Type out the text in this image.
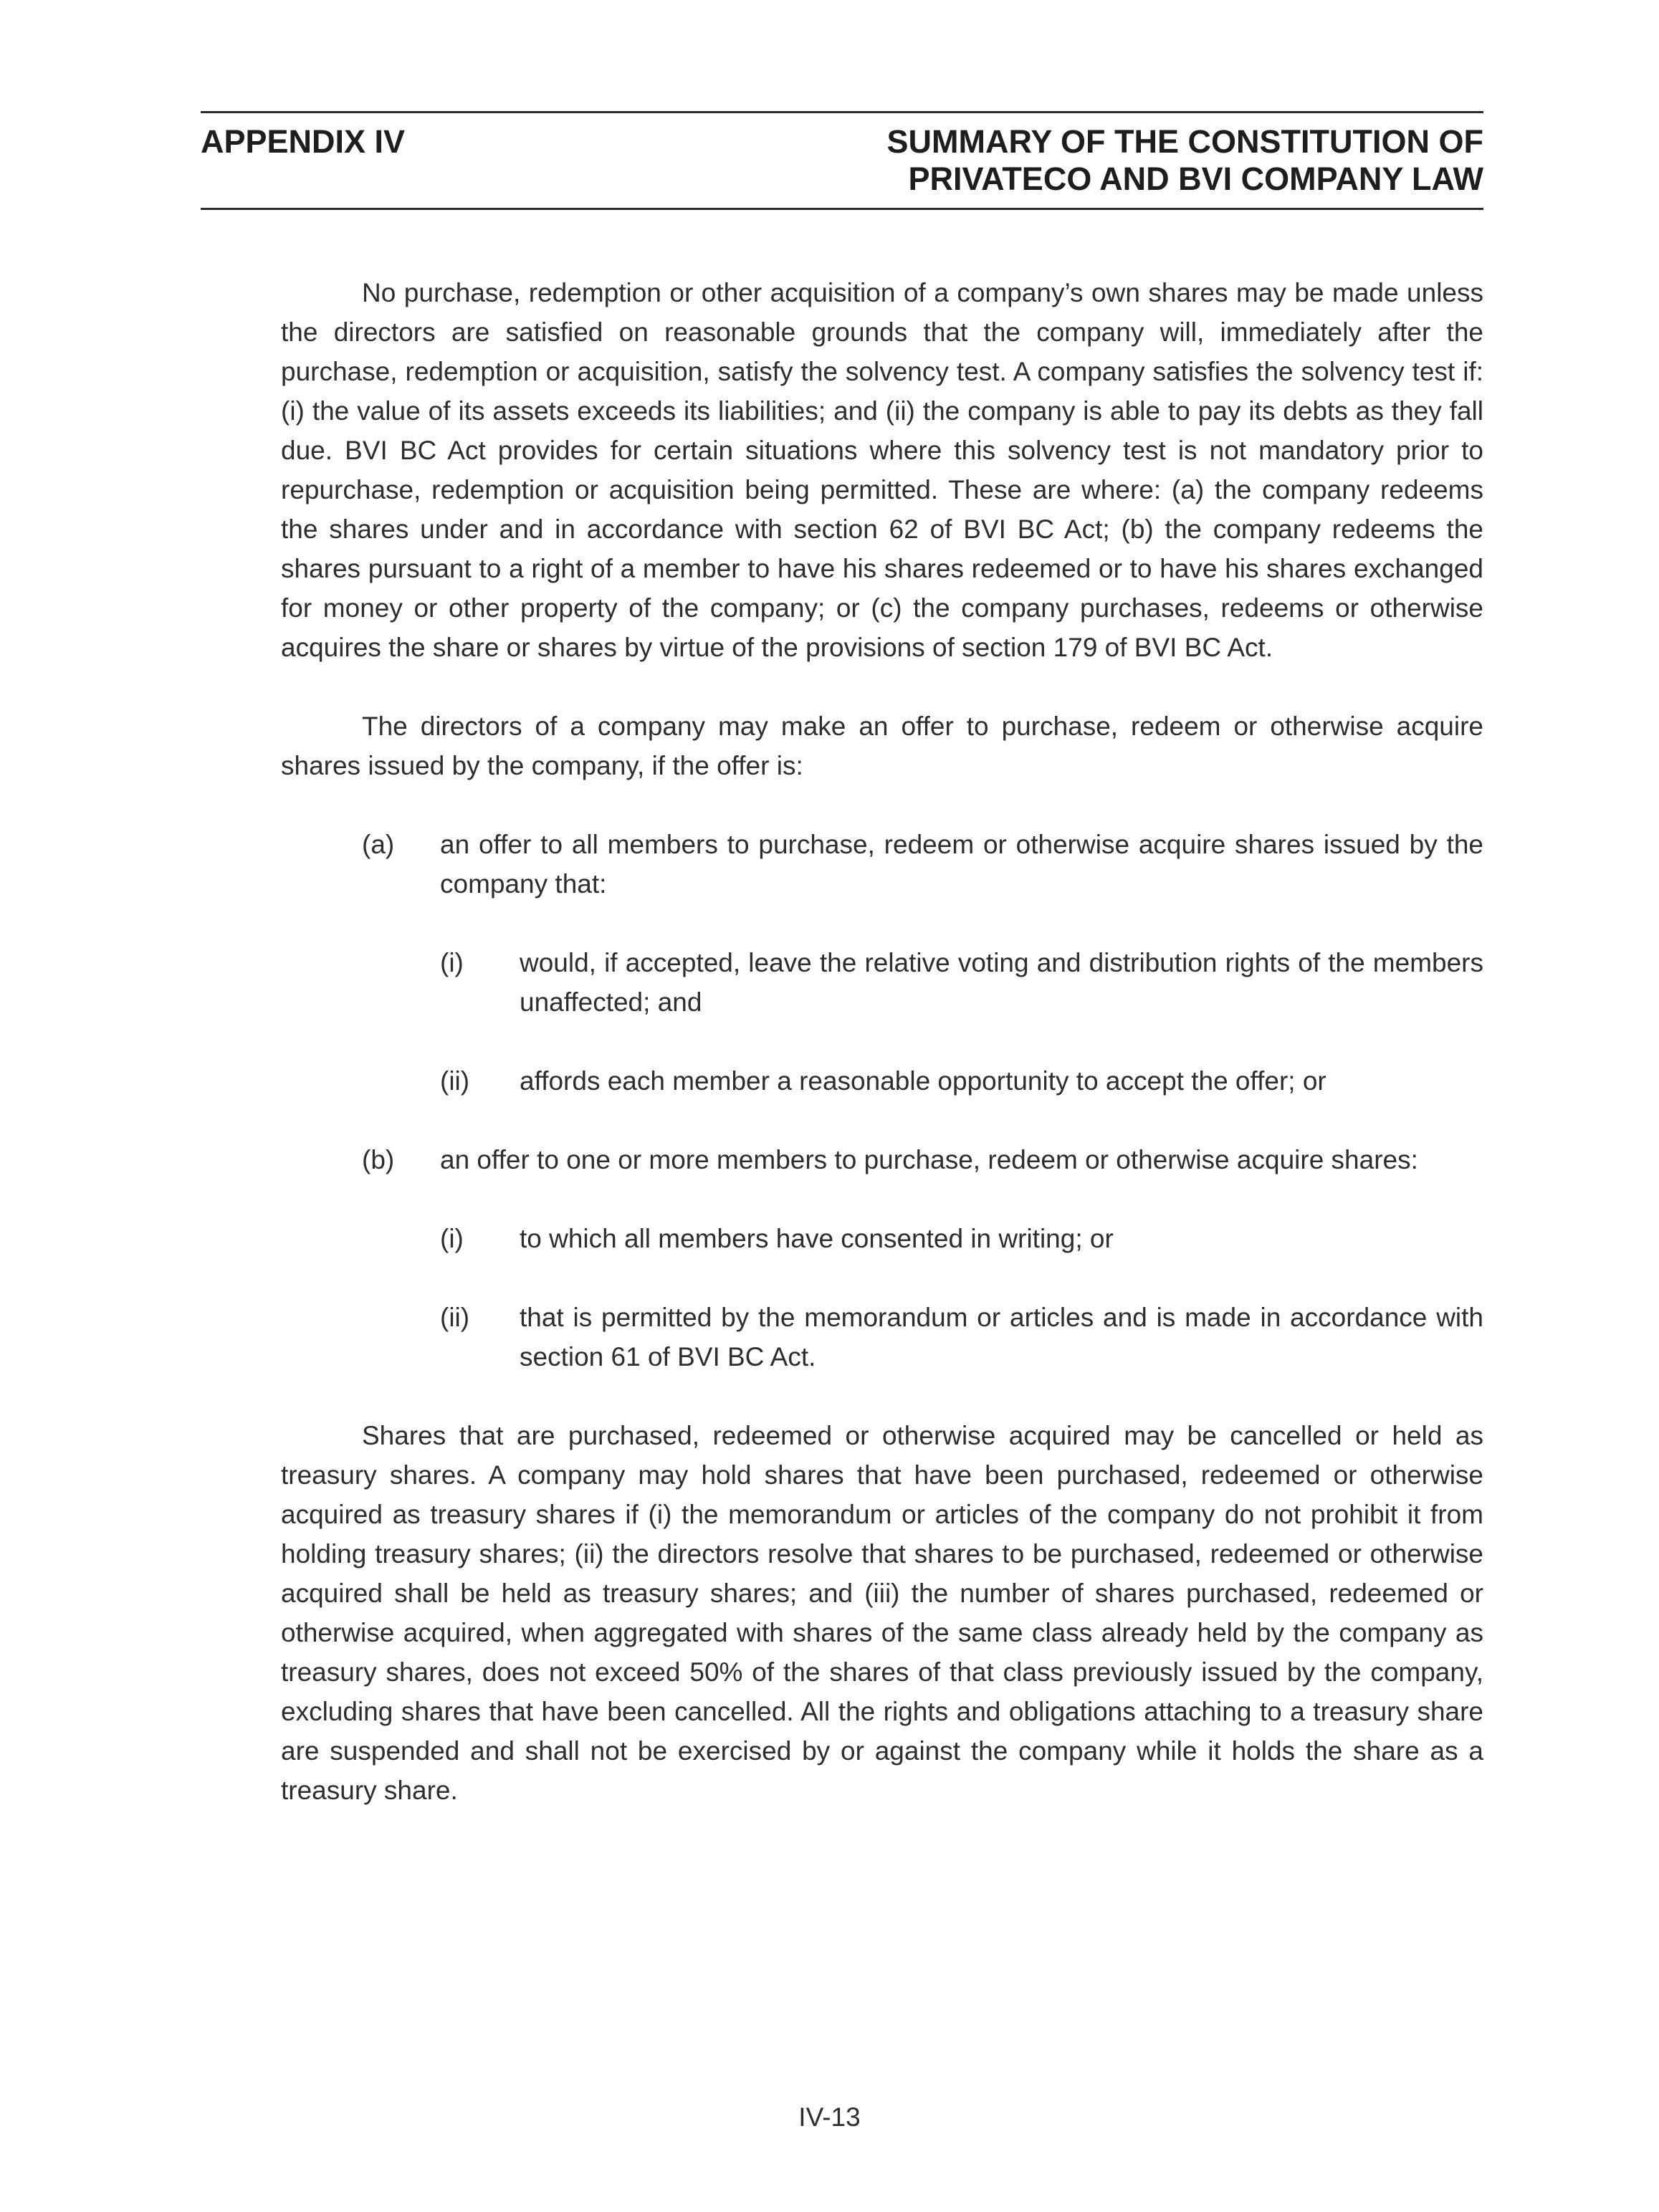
APPENDIX IV	SUMMARY OF THE CONSTITUTION OF
PRIVATECO AND BVI COMPANY LAW

No purchase, redemption or other acquisition of a company’s own shares may be made unless the directors are satisfied on reasonable grounds that the company will, immediately after the purchase, redemption or acquisition, satisfy the solvency test. A company satisfies the solvency test if: (i) the value of its assets exceeds its liabilities; and (ii) the company is able to pay its debts as they fall due. BVI BC Act provides for certain situations where this solvency test is not mandatory prior to repurchase, redemption or acquisition being permitted. These are where: (a) the company redeems the shares under and in accordance with section 62 of BVI BC Act; (b) the company redeems the shares pursuant to a right of a member to have his shares redeemed or to have his shares exchanged for money or other property of the company; or (c) the company purchases, redeems or otherwise acquires the share or shares by virtue of the provisions of section 179 of BVI BC Act.

The directors of a company may make an offer to purchase, redeem or otherwise acquire shares issued by the company, if the offer is:

(a) an offer to all members to purchase, redeem or otherwise acquire shares issued by the company that:
(i) would, if accepted, leave the relative voting and distribution rights of the members unaffected; and
(ii) affords each member a reasonable opportunity to accept the offer; or
(b) an offer to one or more members to purchase, redeem or otherwise acquire shares:
(i) to which all members have consented in writing; or
(ii) that is permitted by the memorandum or articles and is made in accordance with section 61 of BVI BC Act.

Shares that are purchased, redeemed or otherwise acquired may be cancelled or held as treasury shares. A company may hold shares that have been purchased, redeemed or otherwise acquired as treasury shares if (i) the memorandum or articles of the company do not prohibit it from holding treasury shares; (ii) the directors resolve that shares to be purchased, redeemed or otherwise acquired shall be held as treasury shares; and (iii) the number of shares purchased, redeemed or otherwise acquired, when aggregated with shares of the same class already held by the company as treasury shares, does not exceed 50% of the shares of that class previously issued by the company, excluding shares that have been cancelled. All the rights and obligations attaching to a treasury share are suspended and shall not be exercised by or against the company while it holds the share as a treasury share.

IV-13
